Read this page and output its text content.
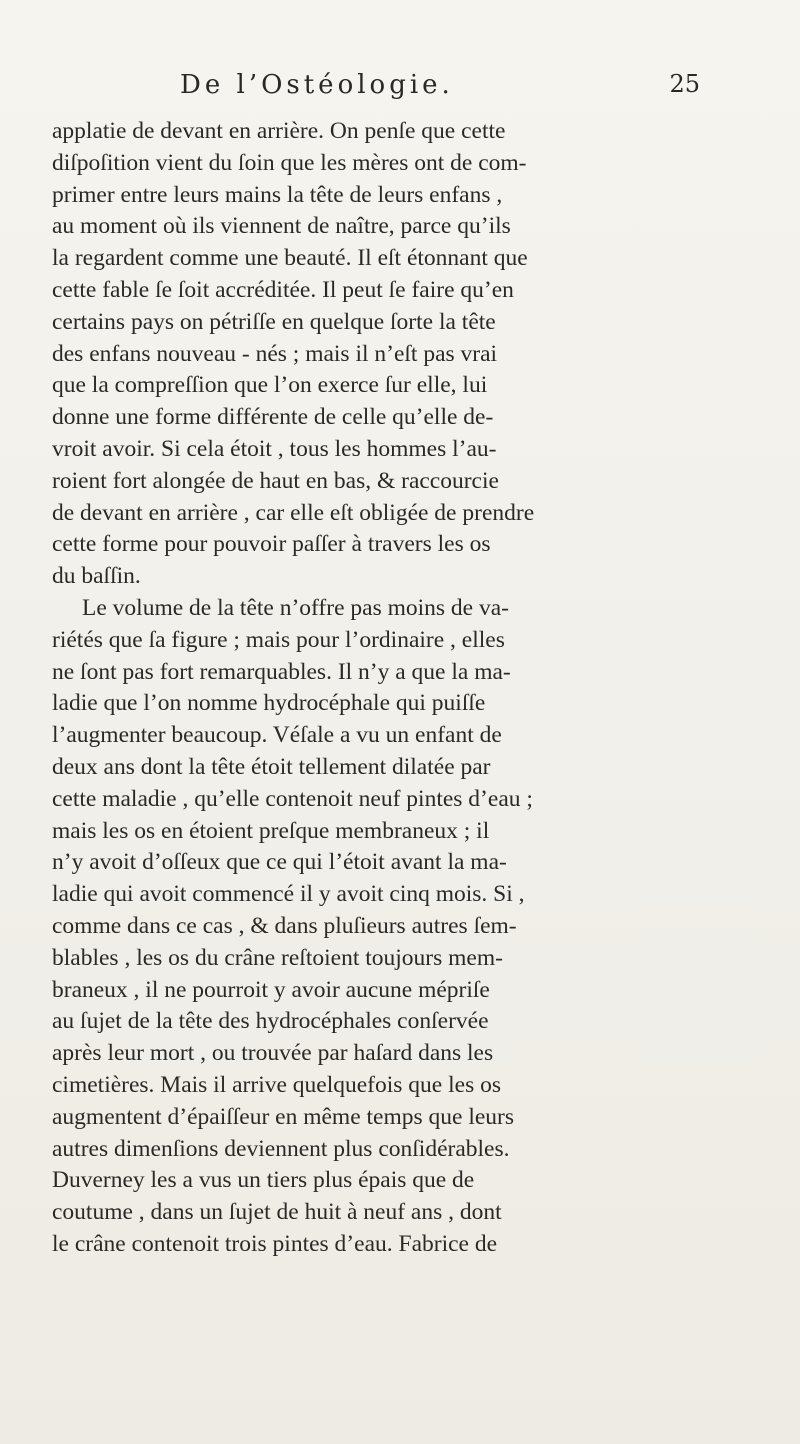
De l’Ostéologie.	25
applatie de devant en arrière. On penſe que cette
diſpoſition vient du ſoin que les mères ont de com-
primer entre leurs mains la tête de leurs enfans ,
au moment où ils viennent de naître, parce qu’ils
la regardent comme une beauté. Il eſt étonnant que
cette fable ſe ſoit accréditée. Il peut ſe faire qu’en
certains pays on pétriſſe en quelque ſorte la tête
des enfans nouveau - nés ; mais il n’eſt pas vrai
que la compreſſion que l’on exerce ſur elle, lui
donne une forme différente de celle qu’elle de-
vroit avoir. Si cela étoit , tous les hommes l’au-
roient fort alongée de haut en bas, & raccourcie
de devant en arrière , car elle eſt obligée de prendre
cette forme pour pouvoir paſſer à travers les os
du baſſin.
Le volume de la tête n’offre pas moins de va-
riétés que ſa figure ; mais pour l’ordinaire , elles
ne ſont pas fort remarquables. Il n’y a que la ma-
ladie que l’on nomme hydrocéphale qui puiſſe
l’augmenter beaucoup. Véſale a vu un enfant de
deux ans dont la tête étoit tellement dilatée par
cette maladie , qu’elle contenoit neuf pintes d’eau ;
mais les os en étoient preſque membraneux ; il
n’y avoit d’oſſeux que ce qui l’étoit avant la ma-
ladie qui avoit commencé il y avoit cinq mois. Si ,
comme dans ce cas , & dans pluſieurs autres ſem-
blables , les os du crâne reſtoient toujours mem-
braneux , il ne pourroit y avoir aucune mépriſe
au ſujet de la tête des hydrocéphales conſervée
après leur mort , ou trouvée par haſard dans les
cimetières. Mais il arrive quelquefois que les os
augmentent d’épaiſſeur en même temps que leurs
autres dimenſions deviennent plus conſidérables.
Duverney les a vus un tiers plus épais que de
coutume , dans un ſujet de huit à neuf ans , dont
le crâne contenoit trois pintes d’eau. Fabrice de
